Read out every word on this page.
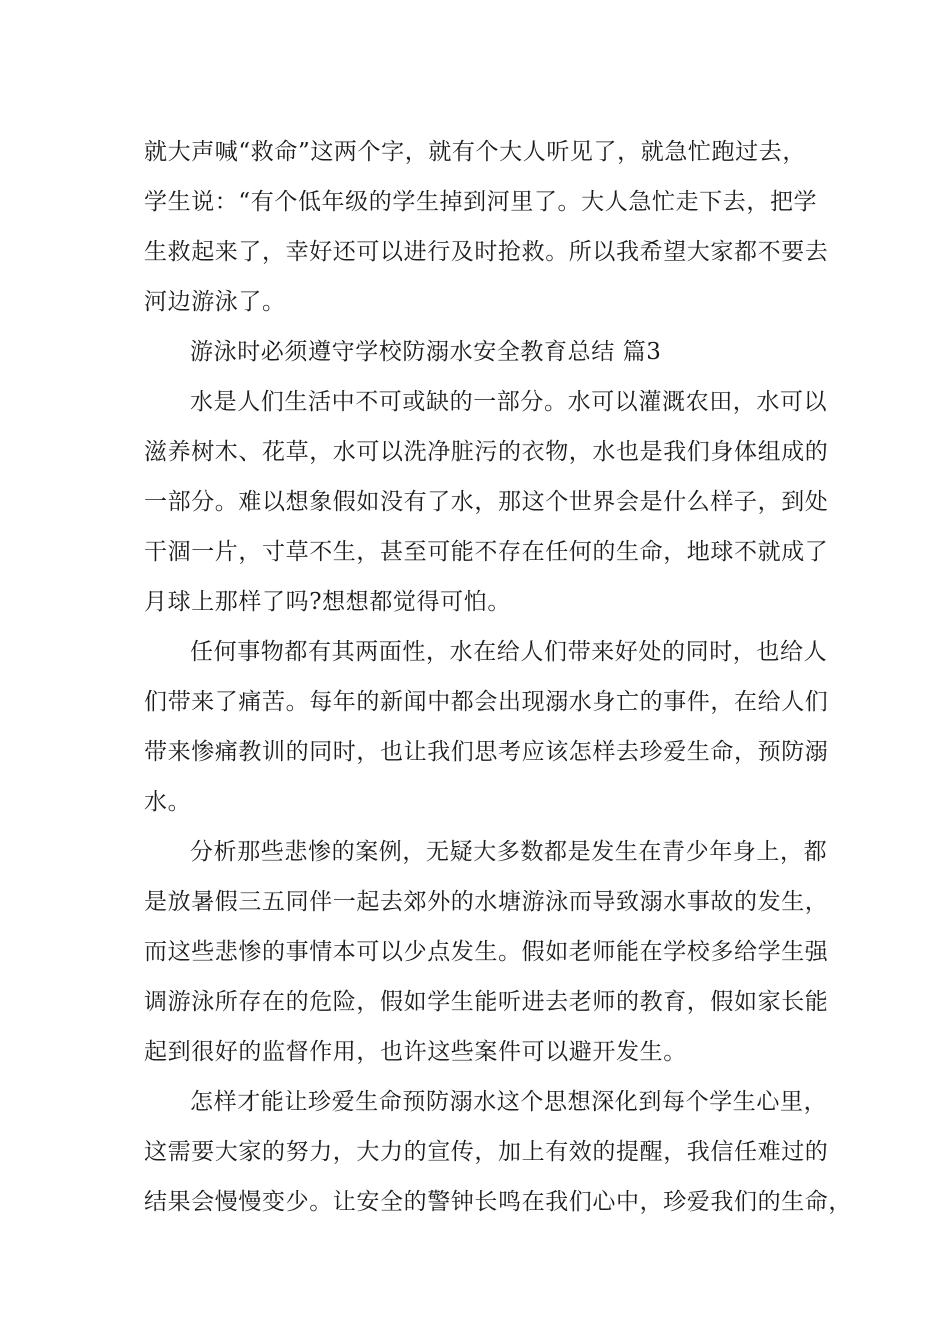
就大声喊“救命”这两个字，就有个大人听见了，就急忙跑过去，
学生说：“有个低年级的学生掉到河里了。大人急忙走下去，把学
生救起来了，幸好还可以进行及时抢救。所以我希望大家都不要去
河边游泳了。
游泳时必须遵守学校防溺水安全教育总结 篇3
水是人们生活中不可或缺的一部分。水可以灌溉农田，水可以
滋养树木、花草，水可以洗净脏污的衣物，水也是我们身体组成的
一部分。难以想象假如没有了水，那这个世界会是什么样子，到处
干涸一片，寸草不生，甚至可能不存在任何的生命，地球不就成了
月球上那样了吗?想想都觉得可怕。
任何事物都有其两面性，水在给人们带来好处的同时，也给人
们带来了痛苦。每年的新闻中都会出现溺水身亡的事件，在给人们
带来惨痛教训的同时，也让我们思考应该怎样去珍爱生命，预防溺
水。
分析那些悲惨的案例，无疑大多数都是发生在青少年身上，都
是放暑假三五同伴一起去郊外的水塘游泳而导致溺水事故的发生，
而这些悲惨的事情本可以少点发生。假如老师能在学校多给学生强
调游泳所存在的危险，假如学生能听进去老师的教育，假如家长能
起到很好的监督作用，也许这些案件可以避开发生。
怎样才能让珍爱生命预防溺水这个思想深化到每个学生心里，
这需要大家的努力，大力的宣传，加上有效的提醒，我信任难过的
结果会慢慢变少。让安全的警钟长鸣在我们心中，珍爱我们的生命，
